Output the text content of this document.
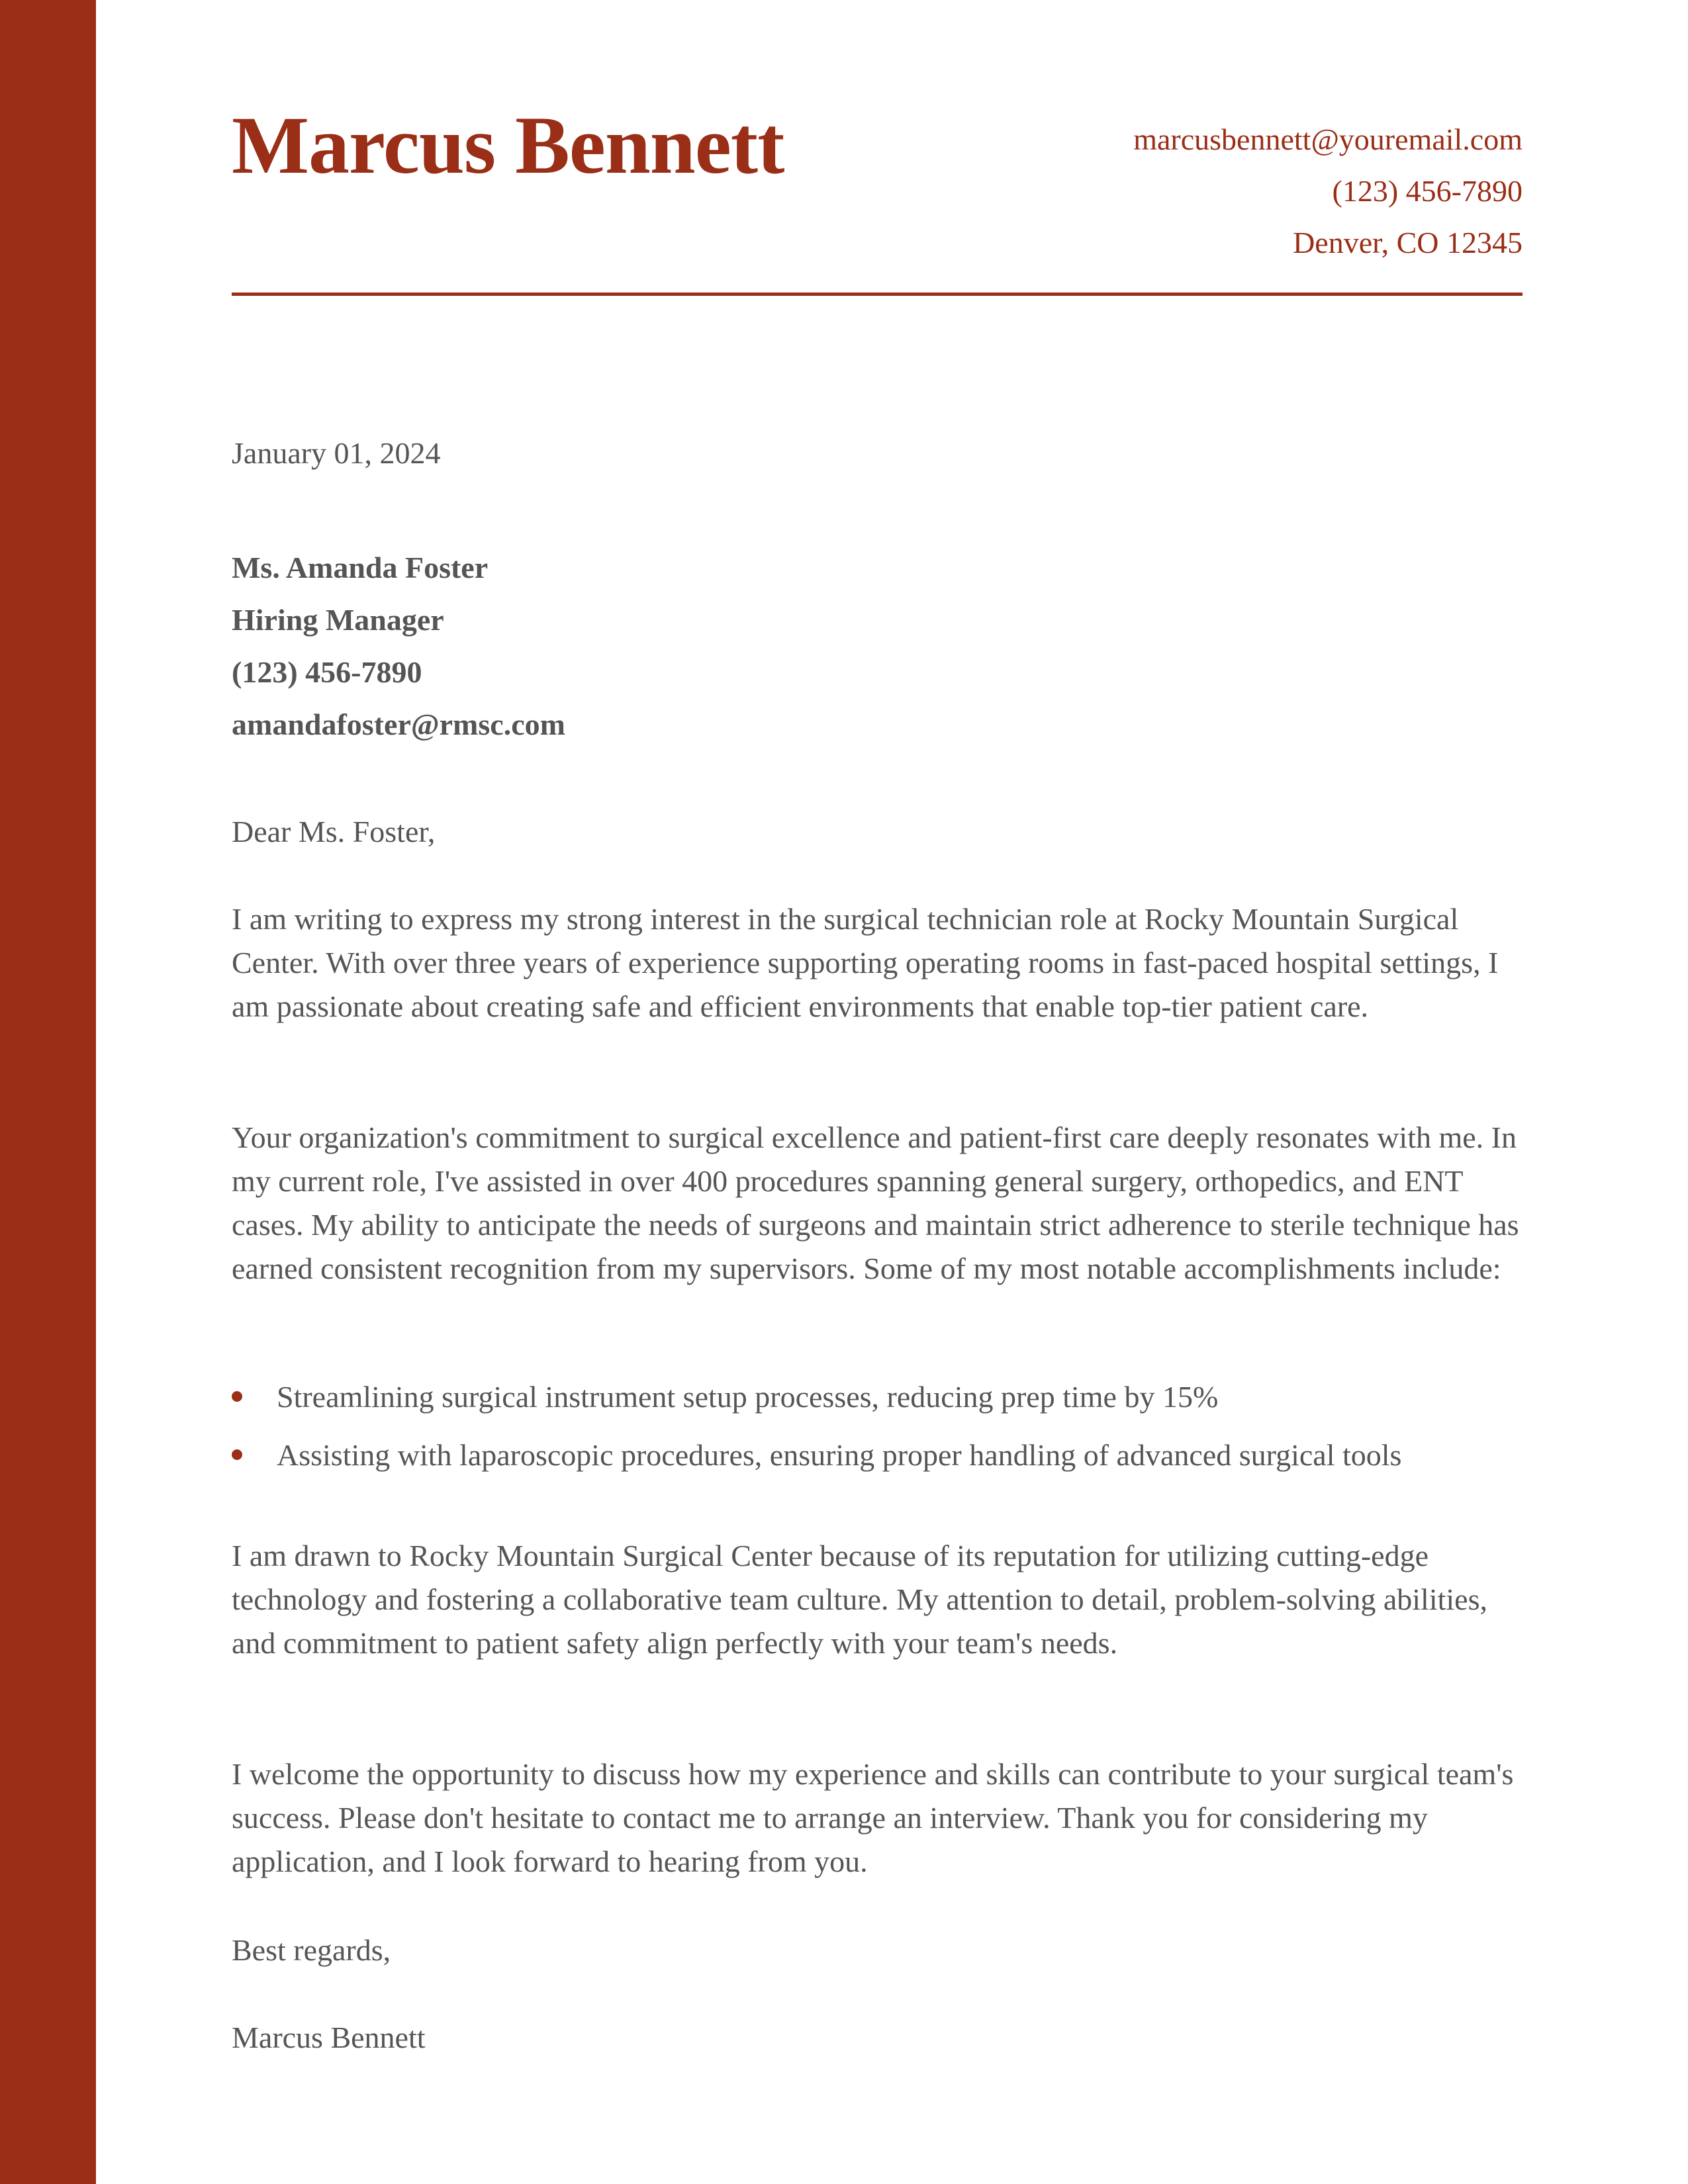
Marcus Bennett	marcusbennett@youremail.com
(123) 456-7890
Denver, CO 12345
January 01, 2024
Ms. Amanda Foster
Hiring Manager
(123) 456-7890
amandafoster@rmsc.com
Dear Ms. Foster,

I am writing to express my strong interest in the surgical technician role at Rocky Mountain Surgical Center. With over three years of experience supporting operating rooms in fast-paced hospital settings, I am passionate about creating safe and efficient environments that enable top-tier patient care.

Your organization's commitment to surgical excellence and patient-first care deeply resonates with me. In my current role, I've assisted in over 400 procedures spanning general surgery, orthopedics, and ENT cases. My ability to anticipate the needs of surgeons and maintain strict adherence to sterile technique has earned consistent recognition from my supervisors. Some of my most notable accomplishments include:

Streamlining surgical instrument setup processes, reducing prep time by 15%
Assisting with laparoscopic procedures, ensuring proper handling of advanced surgical tools

I am drawn to Rocky Mountain Surgical Center because of its reputation for utilizing cutting-edge technology and fostering a collaborative team culture. My attention to detail, problem-solving abilities, and commitment to patient safety align perfectly with your team's needs.

I welcome the opportunity to discuss how my experience and skills can contribute to your surgical team's success. Please don't hesitate to contact me to arrange an interview. Thank you for considering my application, and I look forward to hearing from you.

Best regards,
Marcus Bennett
